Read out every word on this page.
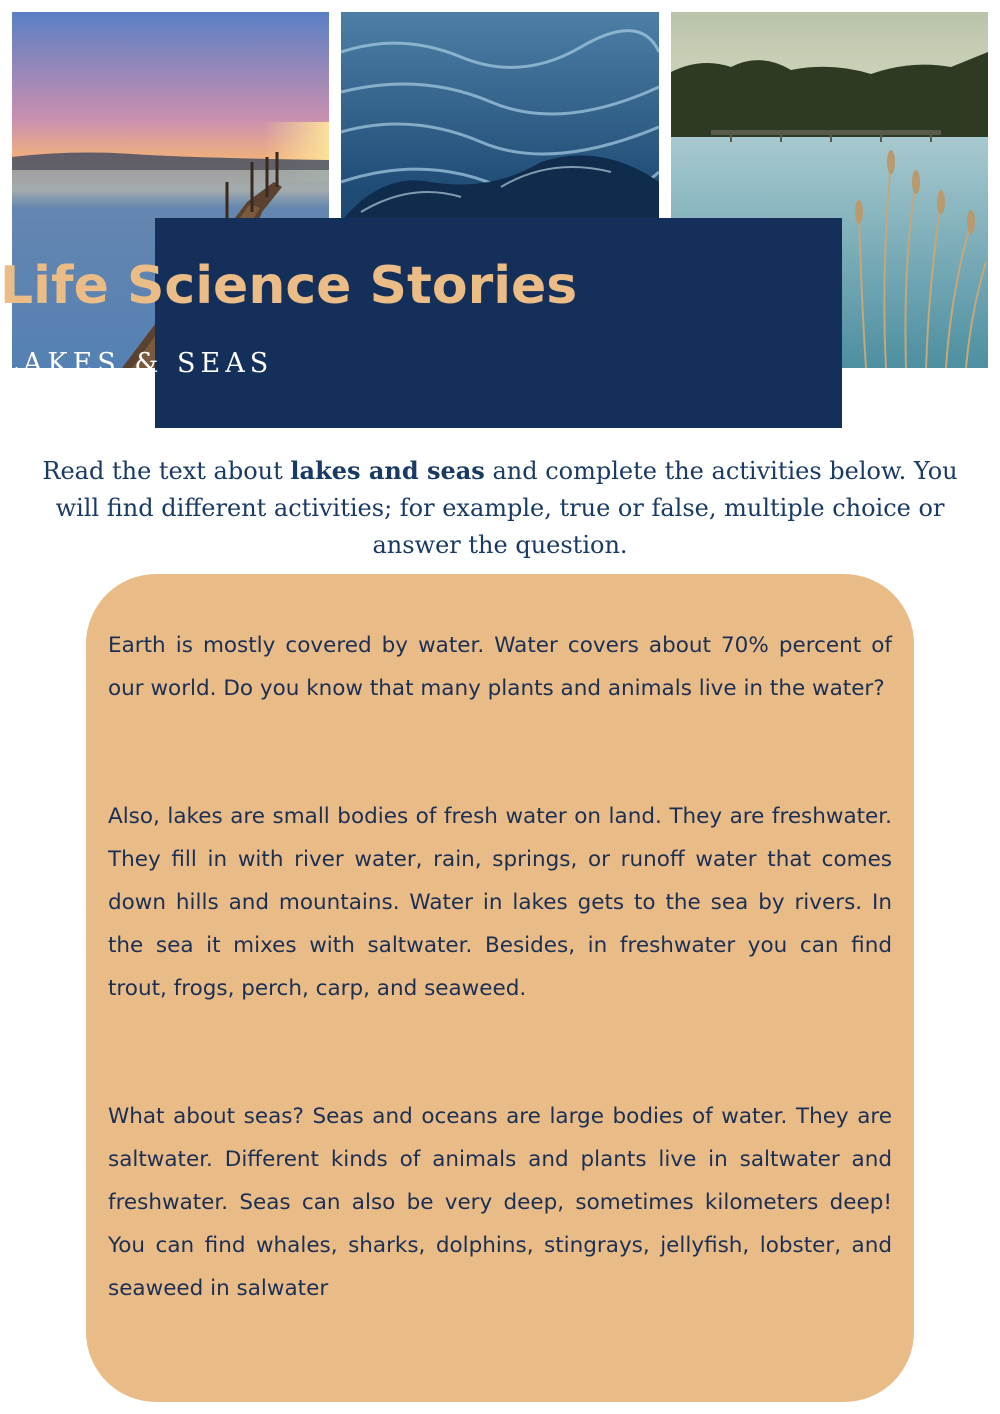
Life Science Stories
LAKES & SEAS
Read the text about lakes and seas and complete the activities below. You will find different activities; for example, true or false, multiple choice or answer the question.

Earth is mostly covered by water. Water covers about 70% percent of our world. Do you know that many plants and animals live in the water?

Also, lakes are small bodies of fresh water on land. They are freshwater. They fill in with river water, rain, springs, or runoff water that comes down hills and mountains. Water in lakes gets to the sea by rivers. In the sea it mixes with saltwater. Besides, in freshwater you can find trout, frogs, perch, carp, and seaweed.

What about seas? Seas and oceans are large bodies of water. They are saltwater. Different kinds of animals and plants live in saltwater and freshwater. Seas can also be very deep, sometimes kilometers deep! You can find whales, sharks, dolphins, stingrays, jellyfish, lobster, and seaweed in salwater
